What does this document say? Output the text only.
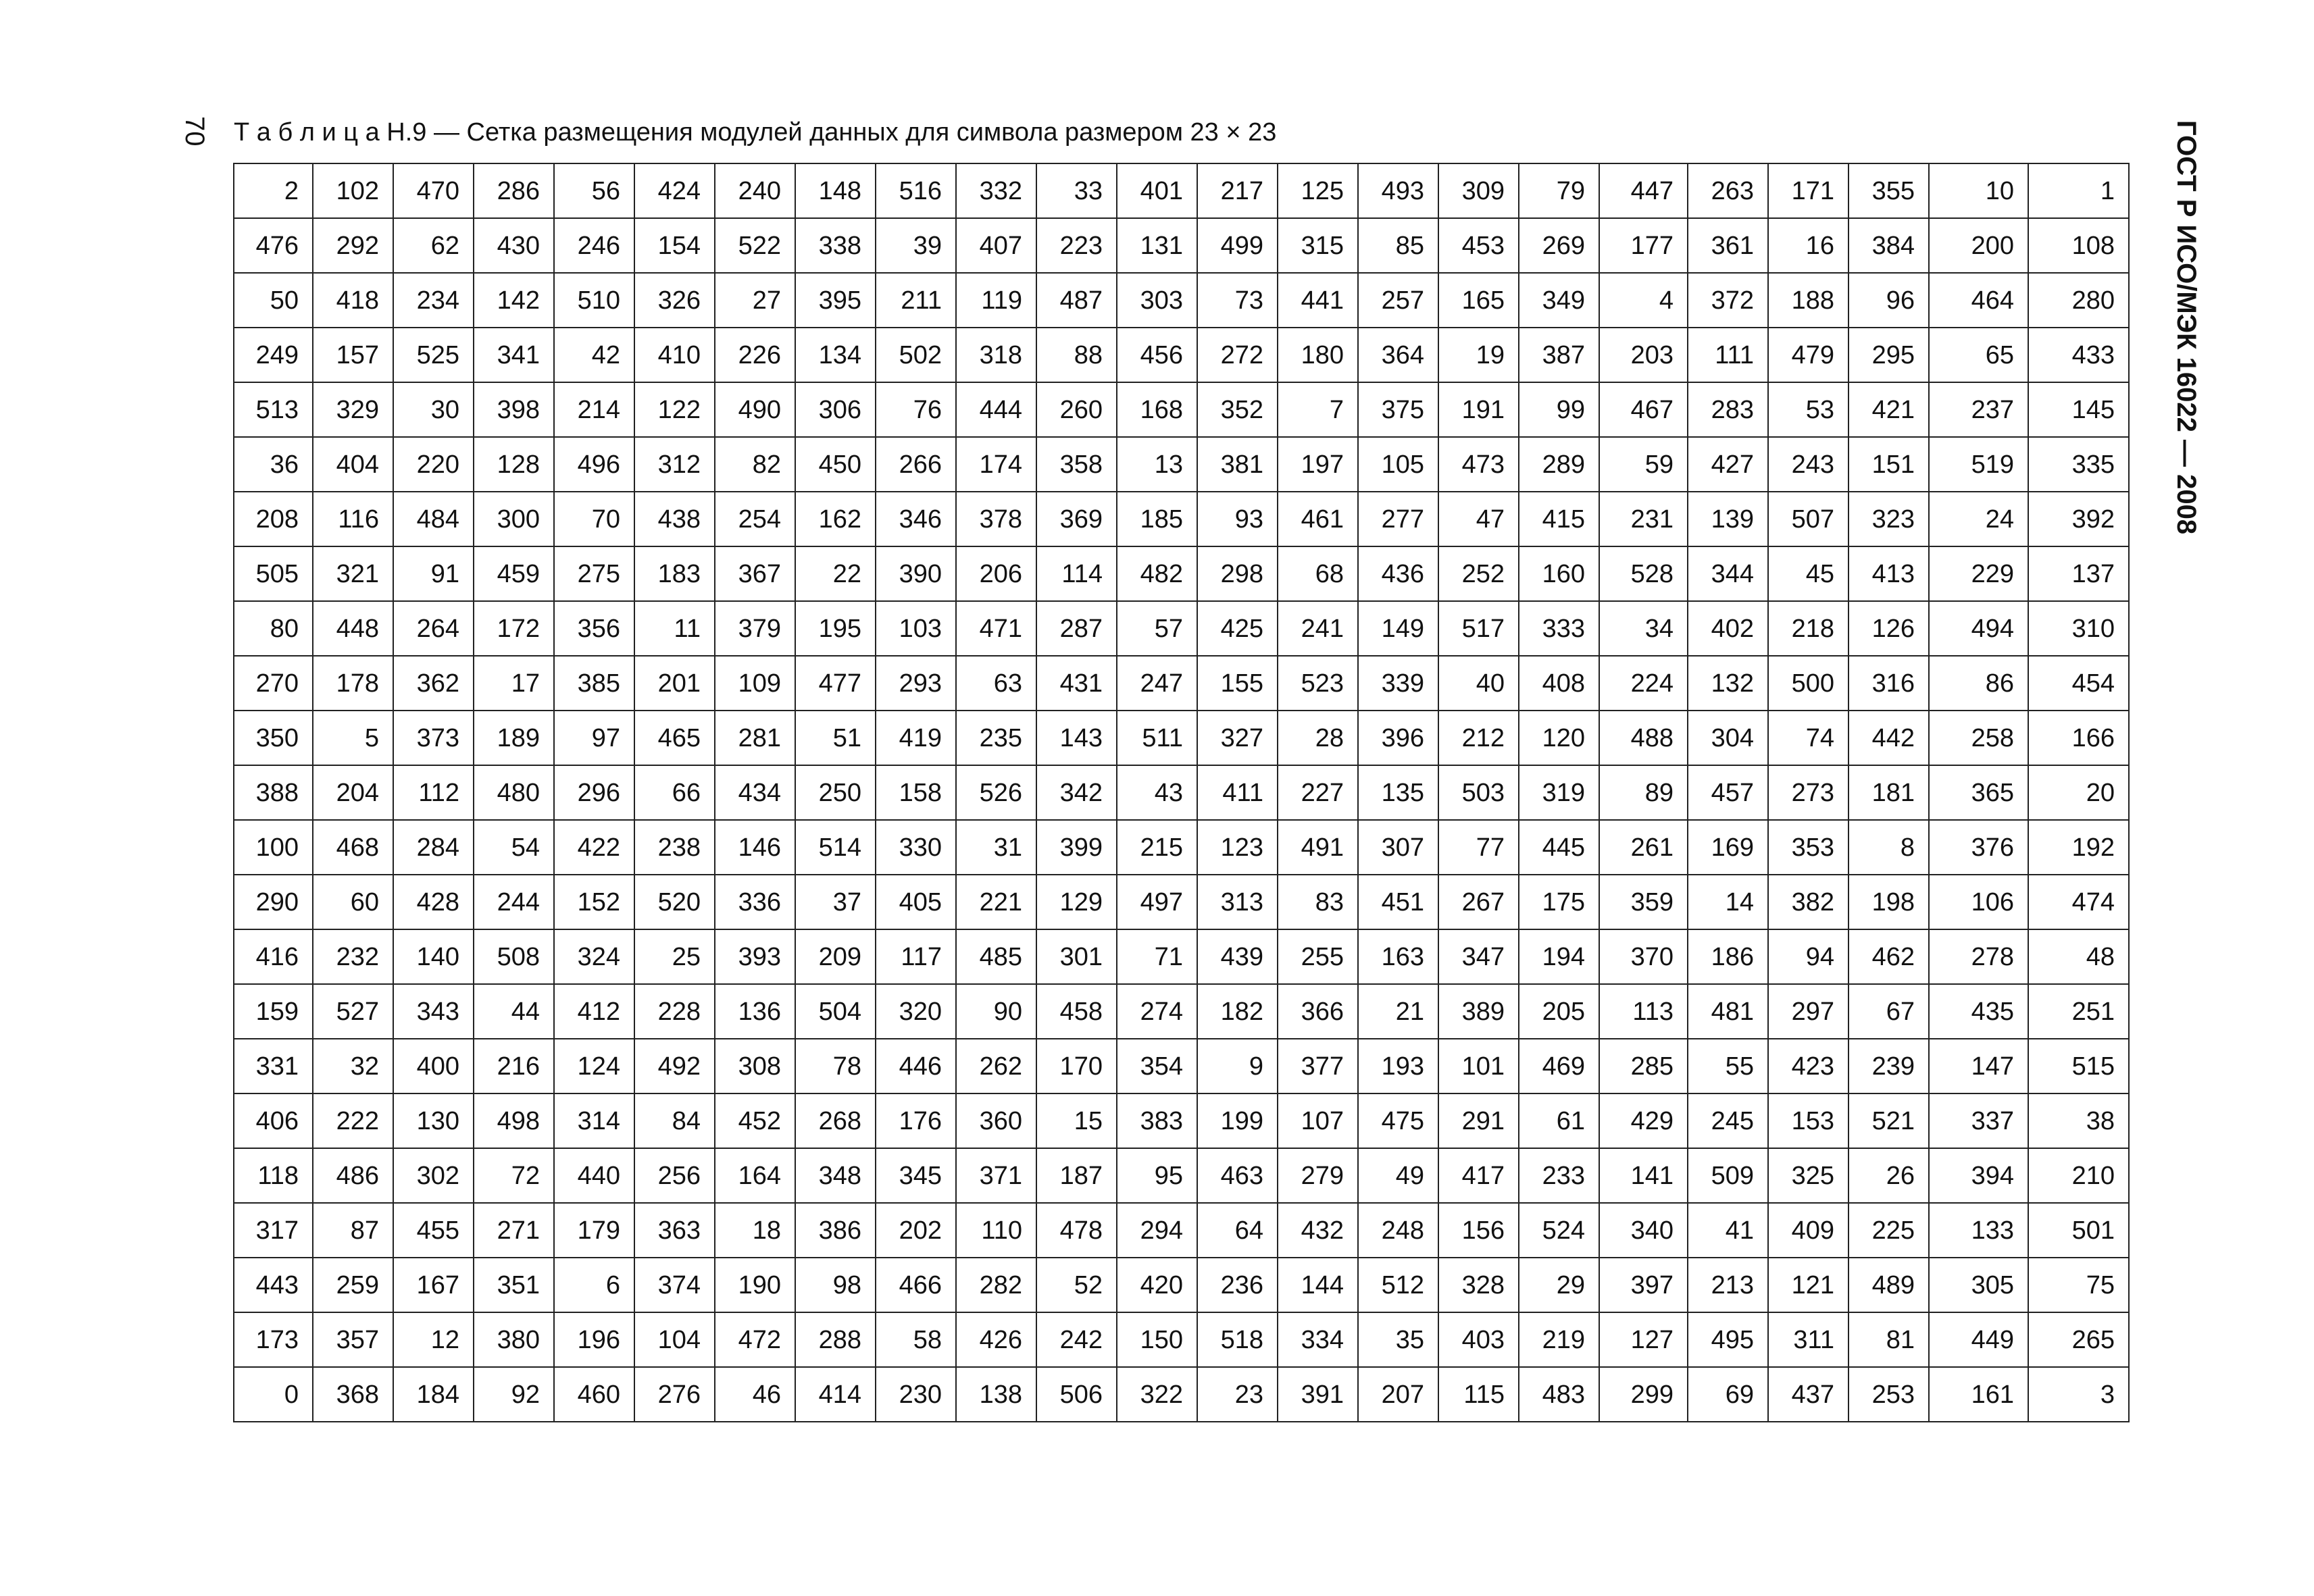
70 Т а б л и ц а Н.9 — Сетка размещения модулей данных для символа размером 23 × 23	ГОСТ Р ИСО/МЭК 16022 — 2008
2	102	470	286	56	424	240	148	516	332	33	401	217	125	493	309	79	447	263	171	355	10	1
476	292	62	430	246	154	522	338	39	407	223	131	499	315	85	453	269	177	361	16	384	200	108
50	418	234	142	510	326	27	395	211	119	487	303	73	441	257	165	349	4	372	188	96	464	280
249	157	525	341	42	410	226	134	502	318	88	456	272	180	364	19	387	203	111	479	295	65	433
513	329	30	398	214	122	490	306	76	444	260	168	352	7	375	191	99	467	283	53	421	237	145
36	404	220	128	496	312	82	450	266	174	358	13	381	197	105	473	289	59	427	243	151	519	335
208	116	484	300	70	438	254	162	346	378	369	185	93	461	277	47	415	231	139	507	323	24	392
505	321	91	459	275	183	367	22	390	206	114	482	298	68	436	252	160	528	344	45	413	229	137
80	448	264	172	356	11	379	195	103	471	287	57	425	241	149	517	333	34	402	218	126	494	310
270	178	362	17	385	201	109	477	293	63	431	247	155	523	339	40	408	224	132	500	316	86	454
350	5	373	189	97	465	281	51	419	235	143	511	327	28	396	212	120	488	304	74	442	258	166
388	204	112	480	296	66	434	250	158	526	342	43	411	227	135	503	319	89	457	273	181	365	20
100	468	284	54	422	238	146	514	330	31	399	215	123	491	307	77	445	261	169	353	8	376	192
290	60	428	244	152	520	336	37	405	221	129	497	313	83	451	267	175	359	14	382	198	106	474
416	232	140	508	324	25	393	209	117	485	301	71	439	255	163	347	194	370	186	94	462	278	48
159	527	343	44	412	228	136	504	320	90	458	274	182	366	21	389	205	113	481	297	67	435	251
331	32	400	216	124	492	308	78	446	262	170	354	9	377	193	101	469	285	55	423	239	147	515
406	222	130	498	314	84	452	268	176	360	15	383	199	107	475	291	61	429	245	153	521	337	38
118	486	302	72	440	256	164	348	345	371	187	95	463	279	49	417	233	141	509	325	26	394	210
317	87	455	271	179	363	18	386	202	110	478	294	64	432	248	156	524	340	41	409	225	133	501
443	259	167	351	6	374	190	98	466	282	52	420	236	144	512	328	29	397	213	121	489	305	75
173	357	12	380	196	104	472	288	58	426	242	150	518	334	35	403	219	127	495	311	81	449	265
0	368	184	92	460	276	46	414	230	138	506	322	23	391	207	115	483	299	69	437	253	161	3
